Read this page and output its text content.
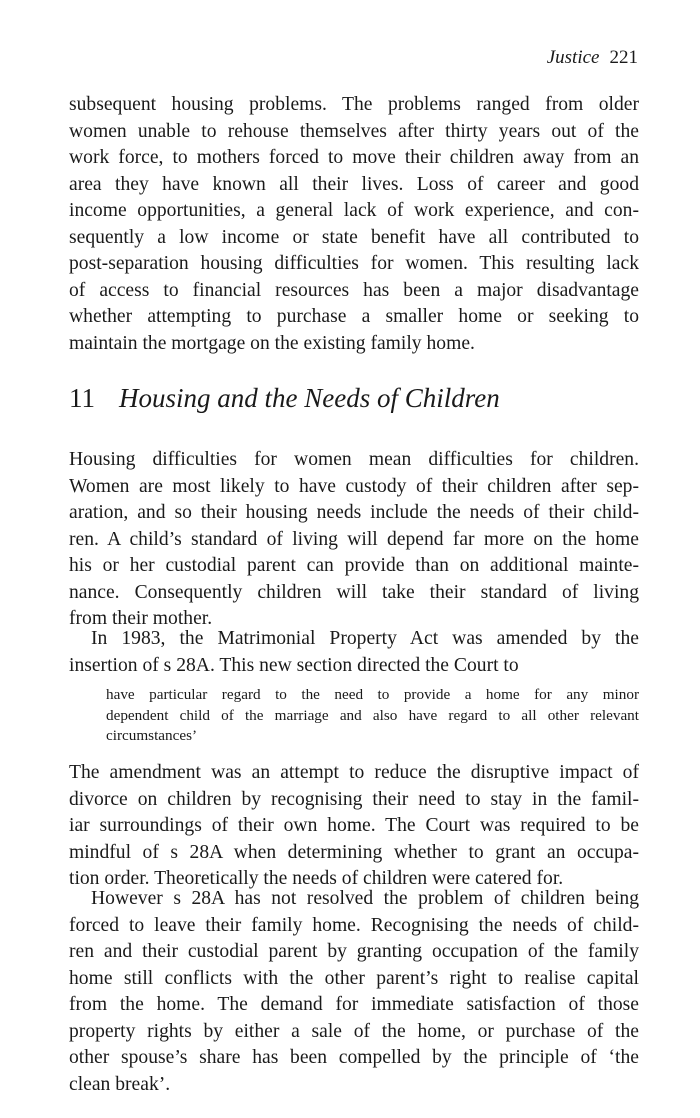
Justice 221
subsequent housing problems. The problems ranged from older
women unable to rehouse themselves after thirty years out of the
work force, to mothers forced to move their children away from an
area they have known all their lives. Loss of career and good
income opportunities, a general lack of work experience, and con-
sequently a low income or state benefit have all contributed to
post-separation housing difficulties for women. This resulting lack
of access to financial resources has been a major disadvantage
whether attempting to purchase a smaller home or seeking to
maintain the mortgage on the existing family home.
11 Housing and the Needs of Children
Housing difficulties for women mean difficulties for children.
Women are most likely to have custody of their children after sep-
aration, and so their housing needs include the needs of their child-
ren. A child’s standard of living will depend far more on the home
his or her custodial parent can provide than on additional mainte-
nance. Consequently children will take their standard of living
from their mother.
In 1983, the Matrimonial Property Act was amended by the
insertion of s 28A. This new section directed the Court to
have particular regard to the need to provide a home for any minor
dependent child of the marriage and also have regard to all other relevant
circumstances’
The amendment was an attempt to reduce the disruptive impact of
divorce on children by recognising their need to stay in the famil-
iar surroundings of their own home. The Court was required to be
mindful of s 28A when determining whether to grant an occupa-
tion order. Theoretically the needs of children were catered for.
However s 28A has not resolved the problem of children being
forced to leave their family home. Recognising the needs of child-
ren and their custodial parent by granting occupation of the family
home still conflicts with the other parent’s right to realise capital
from the home. The demand for immediate satisfaction of those
property rights by either a sale of the home, or purchase of the
other spouse’s share has been compelled by the principle of ‘the
clean break’.
